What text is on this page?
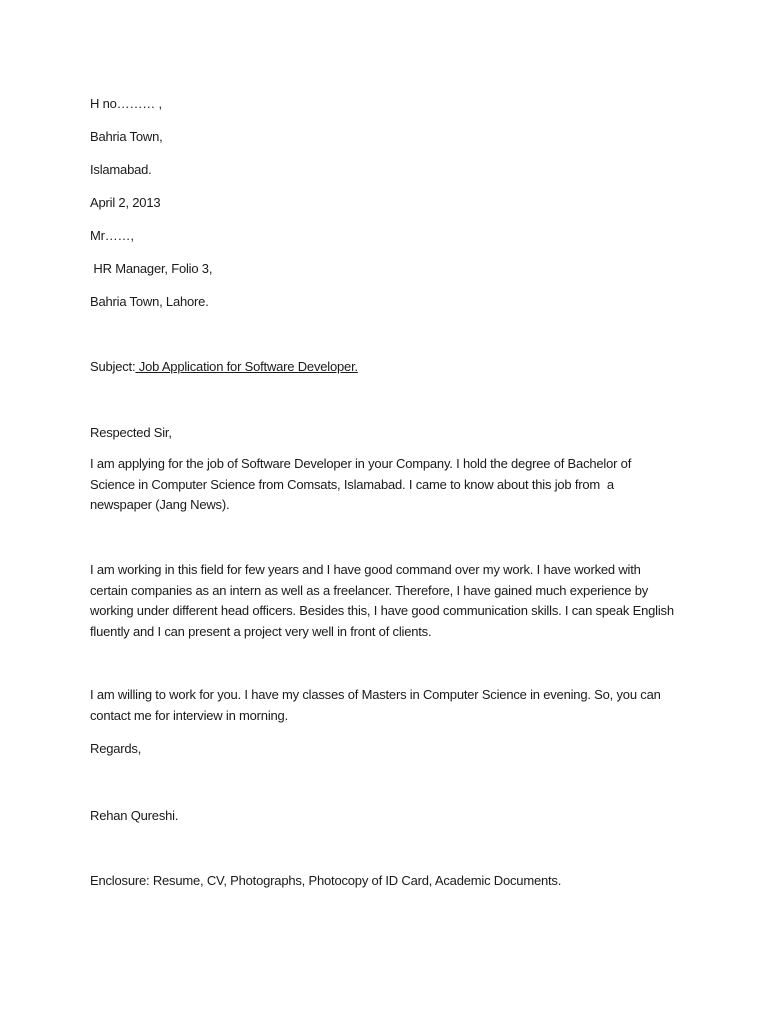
H no……… ,
Bahria Town,
Islamabad.
April 2, 2013
Mr……,
HR Manager, Folio 3,
Bahria Town, Lahore.
Subject: Job Application for Software Developer.
Respected Sir,
I am applying for the job of Software Developer in your Company. I hold the degree of Bachelor of
Science in Computer Science from Comsats, Islamabad. I came to know about this job from  a
newspaper (Jang News).
I am working in this field for few years and I have good command over my work. I have worked with
certain companies as an intern as well as a freelancer. Therefore, I have gained much experience by
working under different head officers. Besides this, I have good communication skills. I can speak English
fluently and I can present a project very well in front of clients.
I am willing to work for you. I have my classes of Masters in Computer Science in evening. So, you can
contact me for interview in morning.
Regards,
Rehan Qureshi.
Enclosure: Resume, CV, Photographs, Photocopy of ID Card, Academic Documents.
